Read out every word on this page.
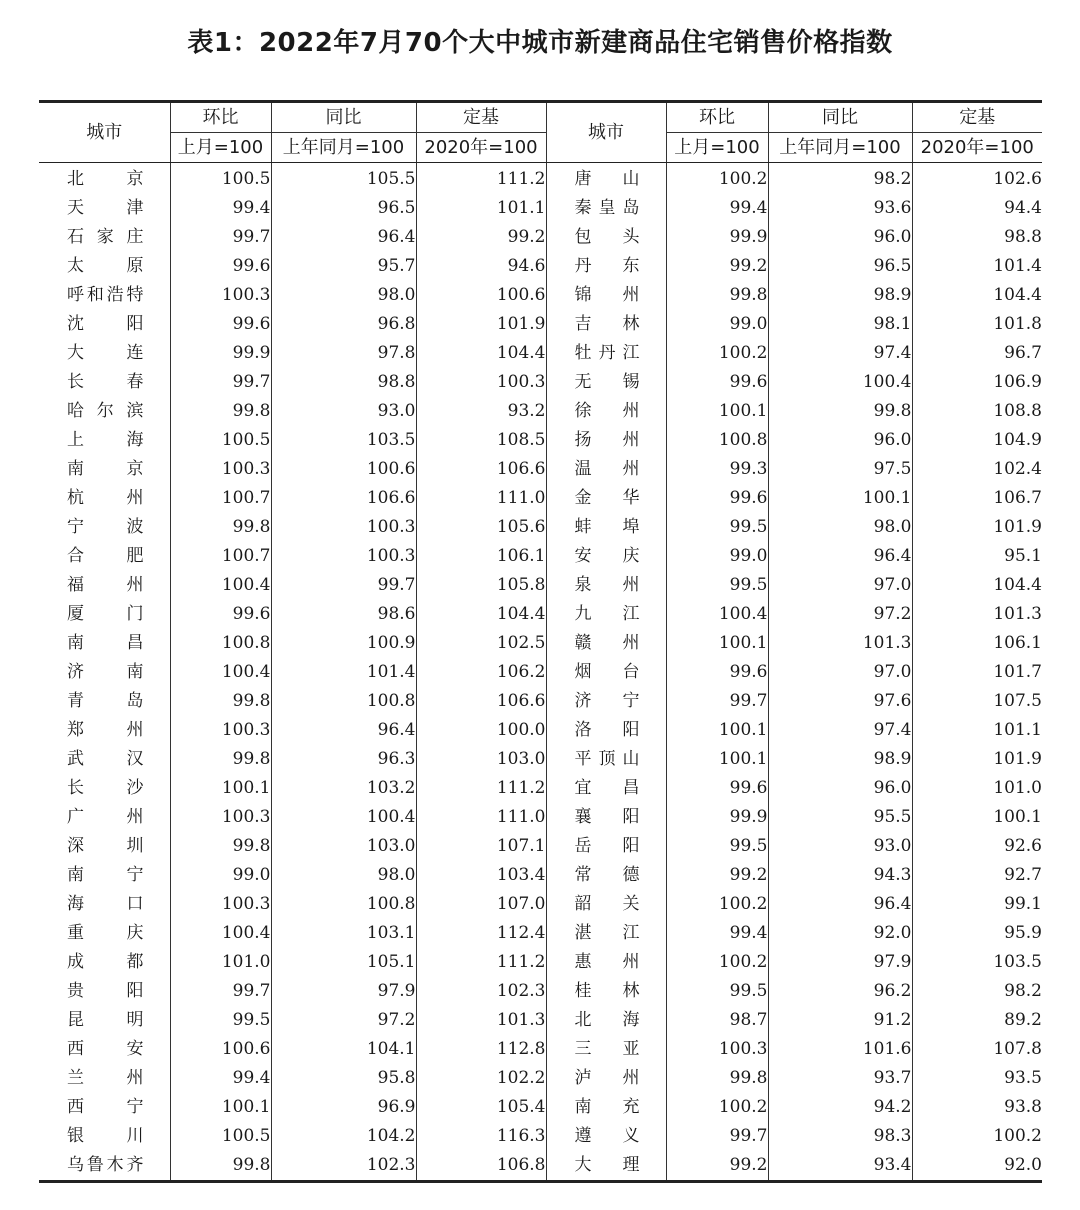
表1：2022年7月70个大中城市新建商品住宅销售价格指数
城市	环比	同比	定基	城市	环比	同比	定基
	上月=100	上年同月=100	2020年=100		上月=100	上年同月=100	2020年=100

北 京	100.5	105.5	111.2	唐 山	100.2	98.2	102.6

天 津	99.4	96.5	101.1	秦 皇 岛	99.4	93.6	94.4

石 家 庄	99.7	96.4	99.2	包 头	99.9	96.0	98.8

太 原	99.6	95.7	94.6	丹 东	99.2	96.5	101.4

呼 和 浩 特	100.3	98.0	100.6	锦 州	99.8	98.9	104.4

沈 阳	99.6	96.8	101.9	吉 林	99.0	98.1	101.8

大 连	99.9	97.8	104.4	牡 丹 江	100.2	97.4	96.7

长 春	99.7	98.8	100.3	无 锡	99.6	100.4	106.9

哈 尔 滨	99.8	93.0	93.2	徐 州	100.1	99.8	108.8

上 海	100.5	103.5	108.5	扬 州	100.8	96.0	104.9

南 京	100.3	100.6	106.6	温 州	99.3	97.5	102.4

杭 州	100.7	106.6	111.0	金 华	99.6	100.1	106.7

宁 波	99.8	100.3	105.6	蚌 埠	99.5	98.0	101.9

合 肥	100.7	100.3	106.1	安 庆	99.0	96.4	95.1

福 州	100.4	99.7	105.8	泉 州	99.5	97.0	104.4

厦 门	99.6	98.6	104.4	九 江	100.4	97.2	101.3

南 昌	100.8	100.9	102.5	赣 州	100.1	101.3	106.1

济 南	100.4	101.4	106.2	烟 台	99.6	97.0	101.7

青 岛	99.8	100.8	106.6	济 宁	99.7	97.6	107.5

郑 州	100.3	96.4	100.0	洛 阳	100.1	97.4	101.1

武 汉	99.8	96.3	103.0	平 顶 山	100.1	98.9	101.9

长 沙	100.1	103.2	111.2	宜 昌	99.6	96.0	101.0

广 州	100.3	100.4	111.0	襄 阳	99.9	95.5	100.1

深 圳	99.8	103.0	107.1	岳 阳	99.5	93.0	92.6

南 宁	99.0	98.0	103.4	常 德	99.2	94.3	92.7

海 口	100.3	100.8	107.0	韶 关	100.2	96.4	99.1

重 庆	100.4	103.1	112.4	湛 江	99.4	92.0	95.9

成 都	101.0	105.1	111.2	惠 州	100.2	97.9	103.5

贵 阳	99.7	97.9	102.3	桂 林	99.5	96.2	98.2

昆 明	99.5	97.2	101.3	北 海	98.7	91.2	89.2

西 安	100.6	104.1	112.8	三 亚	100.3	101.6	107.8

兰 州	99.4	95.8	102.2	泸 州	99.8	93.7	93.5

西 宁	100.1	96.9	105.4	南 充	100.2	94.2	93.8

银 川	100.5	104.2	116.3	遵 义	99.7	98.3	100.2

乌 鲁 木 齐	99.8	102.3	106.8	大 理	99.2	93.4	92.0
